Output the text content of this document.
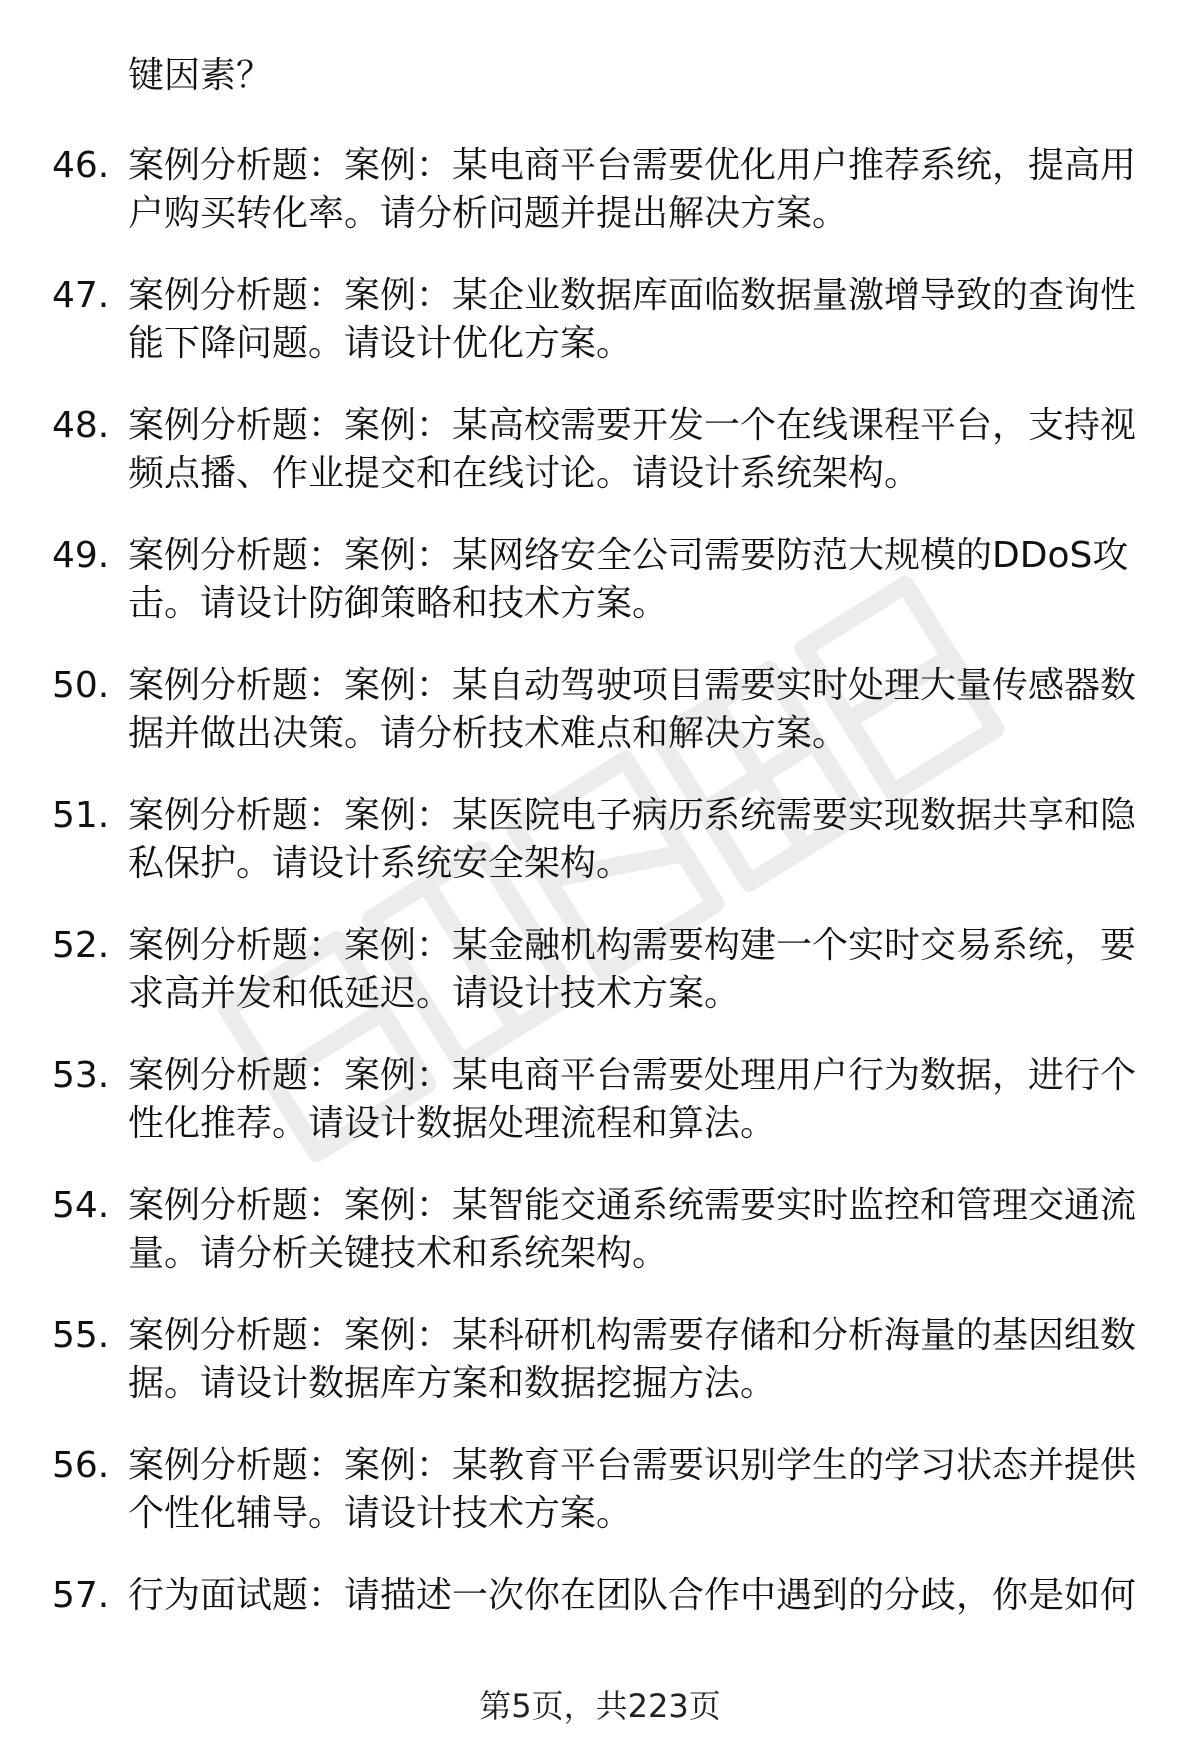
键因素？
46. 案例分析题：案例：某电商平台需要优化用户推荐系统，提高用户购买转化率。请分析问题并提出解决方案。
47. 案例分析题：案例：某企业数据库面临数据量激增导致的查询性能下降问题。请设计优化方案。
48. 案例分析题：案例：某高校需要开发一个在线课程平台，支持视频点播、作业提交和在线讨论。请设计系统架构。
49. 案例分析题：案例：某网络安全公司需要防范大规模的DDoS攻击。请设计防御策略和技术方案。
50. 案例分析题：案例：某自动驾驶项目需要实时处理大量传感器数据并做出决策。请分析技术难点和解决方案。
51. 案例分析题：案例：某医院电子病历系统需要实现数据共享和隐私保护。请设计系统安全架构。
52. 案例分析题：案例：某金融机构需要构建一个实时交易系统，要求高并发和低延迟。请设计技术方案。
53. 案例分析题：案例：某电商平台需要处理用户行为数据，进行个性化推荐。请设计数据处理流程和算法。
54. 案例分析题：案例：某智能交通系统需要实时监控和管理交通流量。请分析关键技术和系统架构。
55. 案例分析题：案例：某科研机构需要存储和分析海量的基因组数据。请设计数据库方案和数据挖掘方法。
56. 案例分析题：案例：某教育平台需要识别学生的学习状态并提供个性化辅导。请设计技术方案。
57. 行为面试题：请描述一次你在团队合作中遇到的分歧，你是如何
第5页，共223页
